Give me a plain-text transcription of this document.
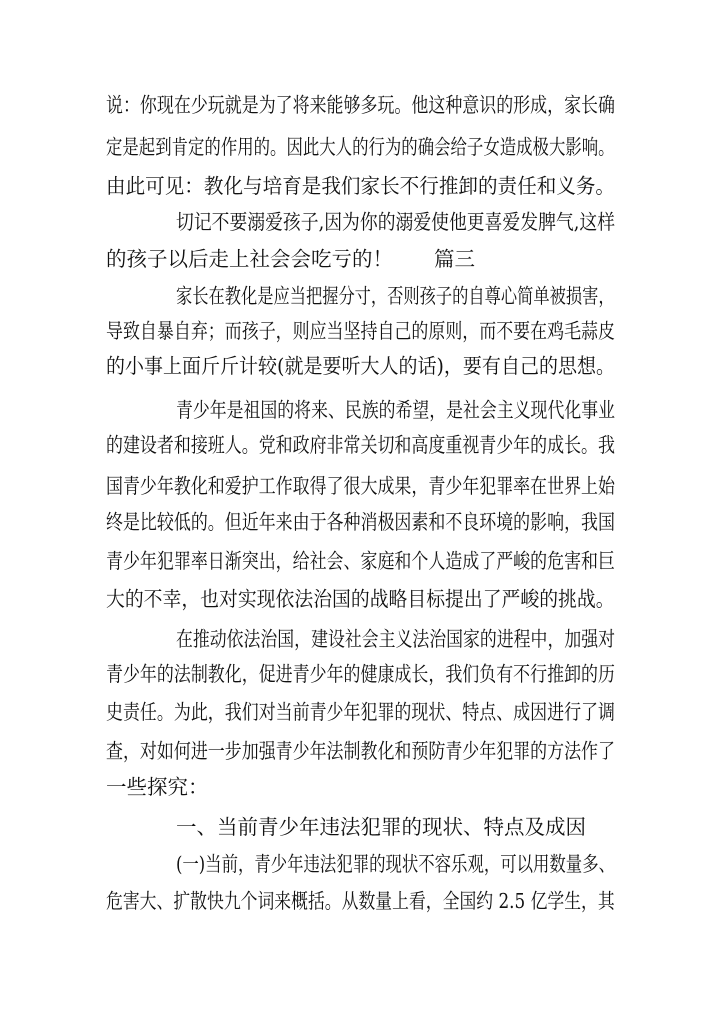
说：你现在少玩就是为了将来能够多玩。他这种意识的形成，家长确
定是起到肯定的作用的。因此大人的行为的确会给子女造成极大影响。
由此可见：教化与培育是我们家长不行推卸的责任和义务。
切记不要溺爱孩子,因为你的溺爱使他更喜爱发脾气,这样
的孩子以后走上社会会吃亏的！　　篇三
家长在教化是应当把握分寸，否则孩子的自尊心简单被损害，
导致自暴自弃；而孩子，则应当坚持自己的原则，而不要在鸡毛蒜皮
的小事上面斤斤计较(就是要听大人的话)，要有自己的思想。
青少年是祖国的将来、民族的希望，是社会主义现代化事业
的建设者和接班人。党和政府非常关切和高度重视青少年的成长。我
国青少年教化和爱护工作取得了很大成果，青少年犯罪率在世界上始
终是比较低的。但近年来由于各种消极因素和不良环境的影响，我国
青少年犯罪率日渐突出，给社会、家庭和个人造成了严峻的危害和巨
大的不幸，也对实现依法治国的战略目标提出了严峻的挑战。
在推动依法治国，建设社会主义法治国家的进程中，加强对
青少年的法制教化，促进青少年的健康成长，我们负有不行推卸的历
史责任。为此，我们对当前青少年犯罪的现状、特点、成因进行了调
查，对如何进一步加强青少年法制教化和预防青少年犯罪的方法作了
一些探究：
一、当前青少年违法犯罪的现状、特点及成因
(一)当前，青少年违法犯罪的现状不容乐观，可以用数量多、
危害大、扩散快九个词来概括。从数量上看，全国约 2.5 亿学生，其
